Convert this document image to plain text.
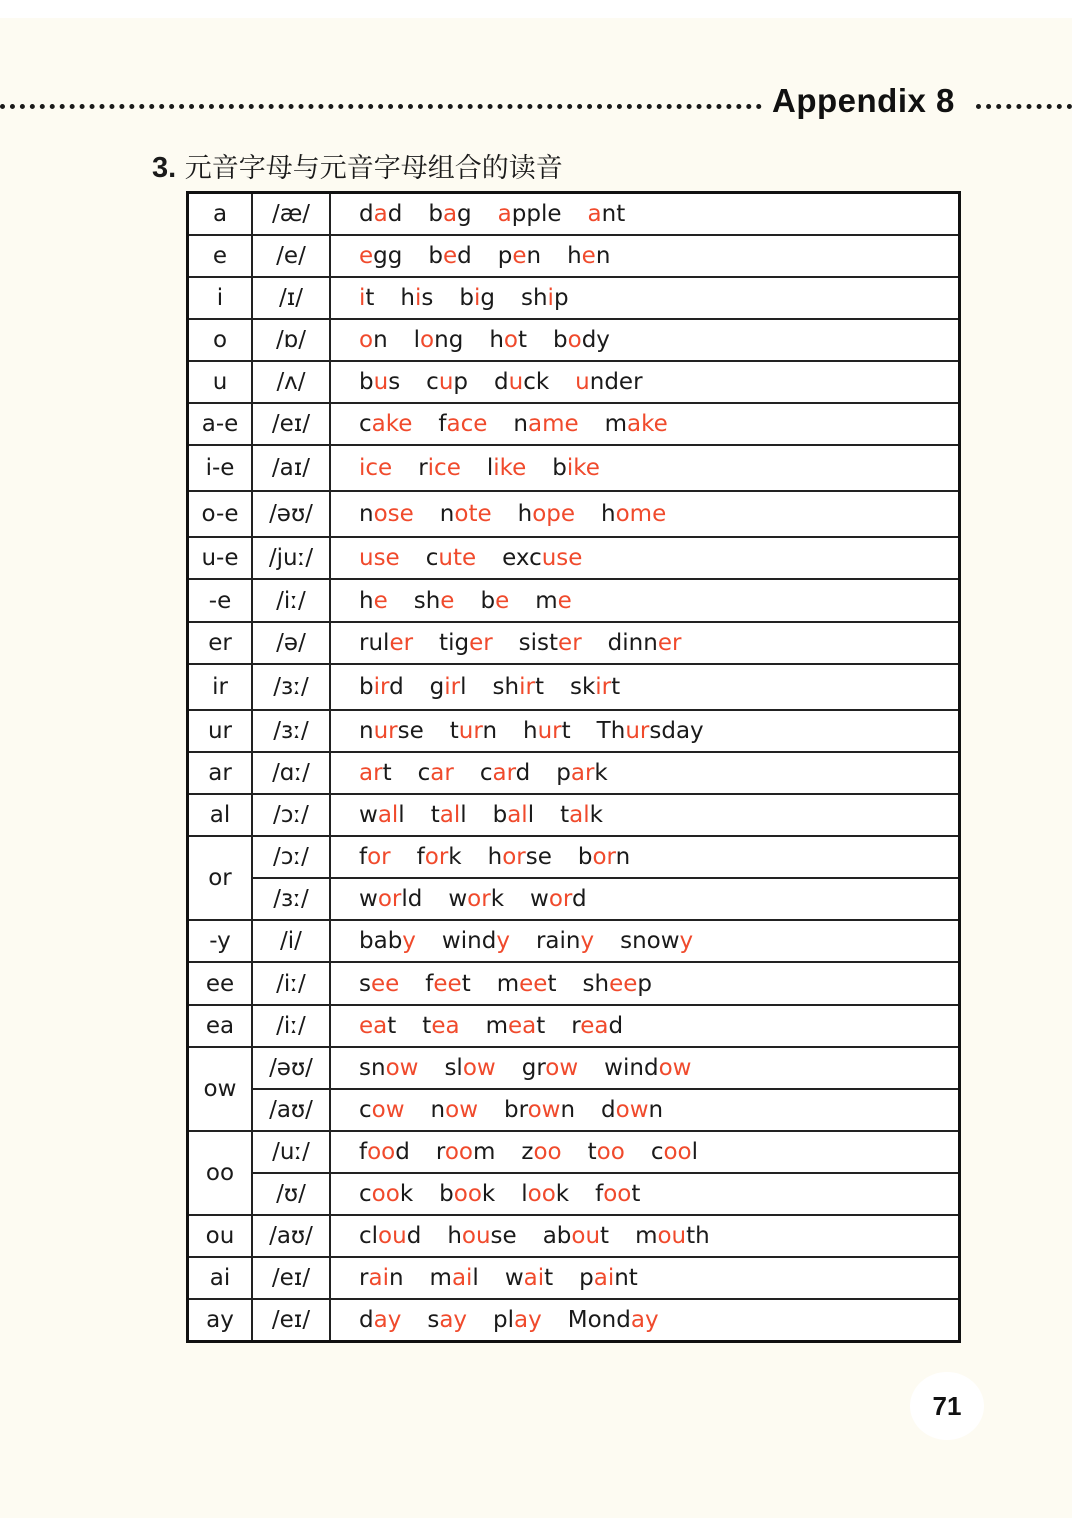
Appendix 8
3. 元音字母与元音字母组合的读音
a	/æ/	dad bag apple ant
e	/e/	egg bed pen hen
i	/ɪ/	it his big ship
o	/ɒ/	on long hot body
u	/ʌ/	bus cup duck under
a-e	/eɪ/	cake face name make
i-e	/aɪ/	ice rice like bike
o-e	/əʊ/	nose note hope home
u-e	/juː/	use cute excuse
-e	/iː/	he she be me
er	/ə/	ruler tiger sister dinner
ir	/ɜː/	bird girl shirt skirt
ur	/ɜː/	nurse turn hurt Thursday
ar	/ɑː/	art car card park
al	/ɔː/	wall tall ball talk
or	/ɔː/	for fork horse born
	/ɜː/	world work word
-y	/i/	baby windy rainy snowy
ee	/iː/	see feet meet sheep
ea	/iː/	eat tea meat read
ow	/əʊ/	snow slow grow window
	/aʊ/	cow now brown down
oo	/uː/	food room zoo too cool
	/ʊ/	cook book look foot
ou	/aʊ/	cloud house about mouth
ai	/eɪ/	rain mail wait paint
ay	/eɪ/	day say play Monday
71
